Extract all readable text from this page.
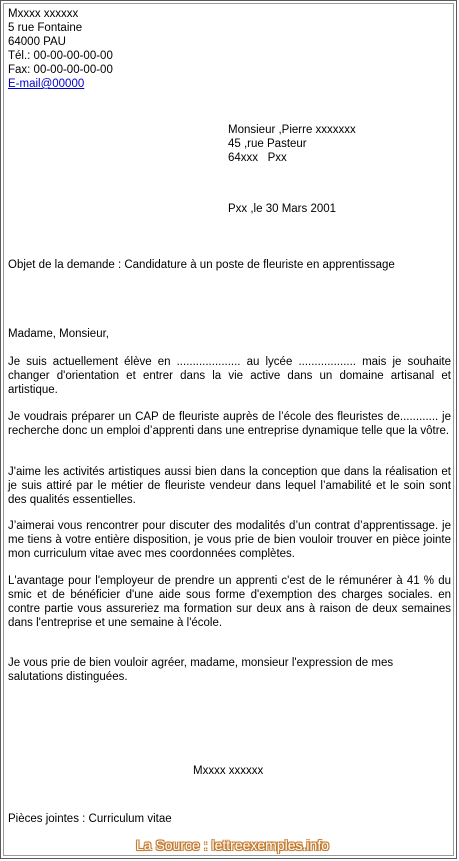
Mxxxx xxxxxx
5 rue Fontaine
64000 PAU
Tél.: 00-00-00-00-00
Fax: 00-00-00-00-00
E-mail@00000
Monsieur ,Pierre xxxxxxx
45 ,rue Pasteur
64xxx   Pxx
Pxx ,le 30 Mars 2001
Objet de la demande : Candidature à un poste de fleuriste en apprentissage
Madame, Monsieur,
Je suis actuellement élève en .................... au lycée .................. mais je souhaite changer d'orientation et entrer dans la vie active dans un domaine artisanal et artistique.
Je voudrais préparer un CAP de fleuriste auprès de l’école des fleuristes de............ je recherche donc un emploi d’apprenti dans une entreprise dynamique telle que la vôtre.
J'aime les activités artistiques aussi bien dans la conception que dans la réalisation et je suis attiré par le métier de fleuriste vendeur dans lequel l’amabilité et le soin sont des qualités essentielles.
J’aimerai vous rencontrer pour discuter des modalités d’un contrat d’apprentissage. je me tiens à votre entière disposition, je vous prie de bien vouloir trouver en pièce jointe mon curriculum vitae avec mes coordonnées complètes.
L'avantage pour l'employeur de prendre un apprenti c'est de le rémunérer à 41 % du smic et de bénéficier d'une aide sous forme d'exemption des charges sociales. en contre partie vous assureriez ma formation sur deux ans à raison de deux semaines dans l'entreprise et une semaine à l'école.
Je vous prie de bien vouloir agréer, madame, monsieur l'expression de mes salutations distinguées.
Mxxxx xxxxxx
Pièces jointes : Curriculum vitae
La Source : lettreexemples.info
